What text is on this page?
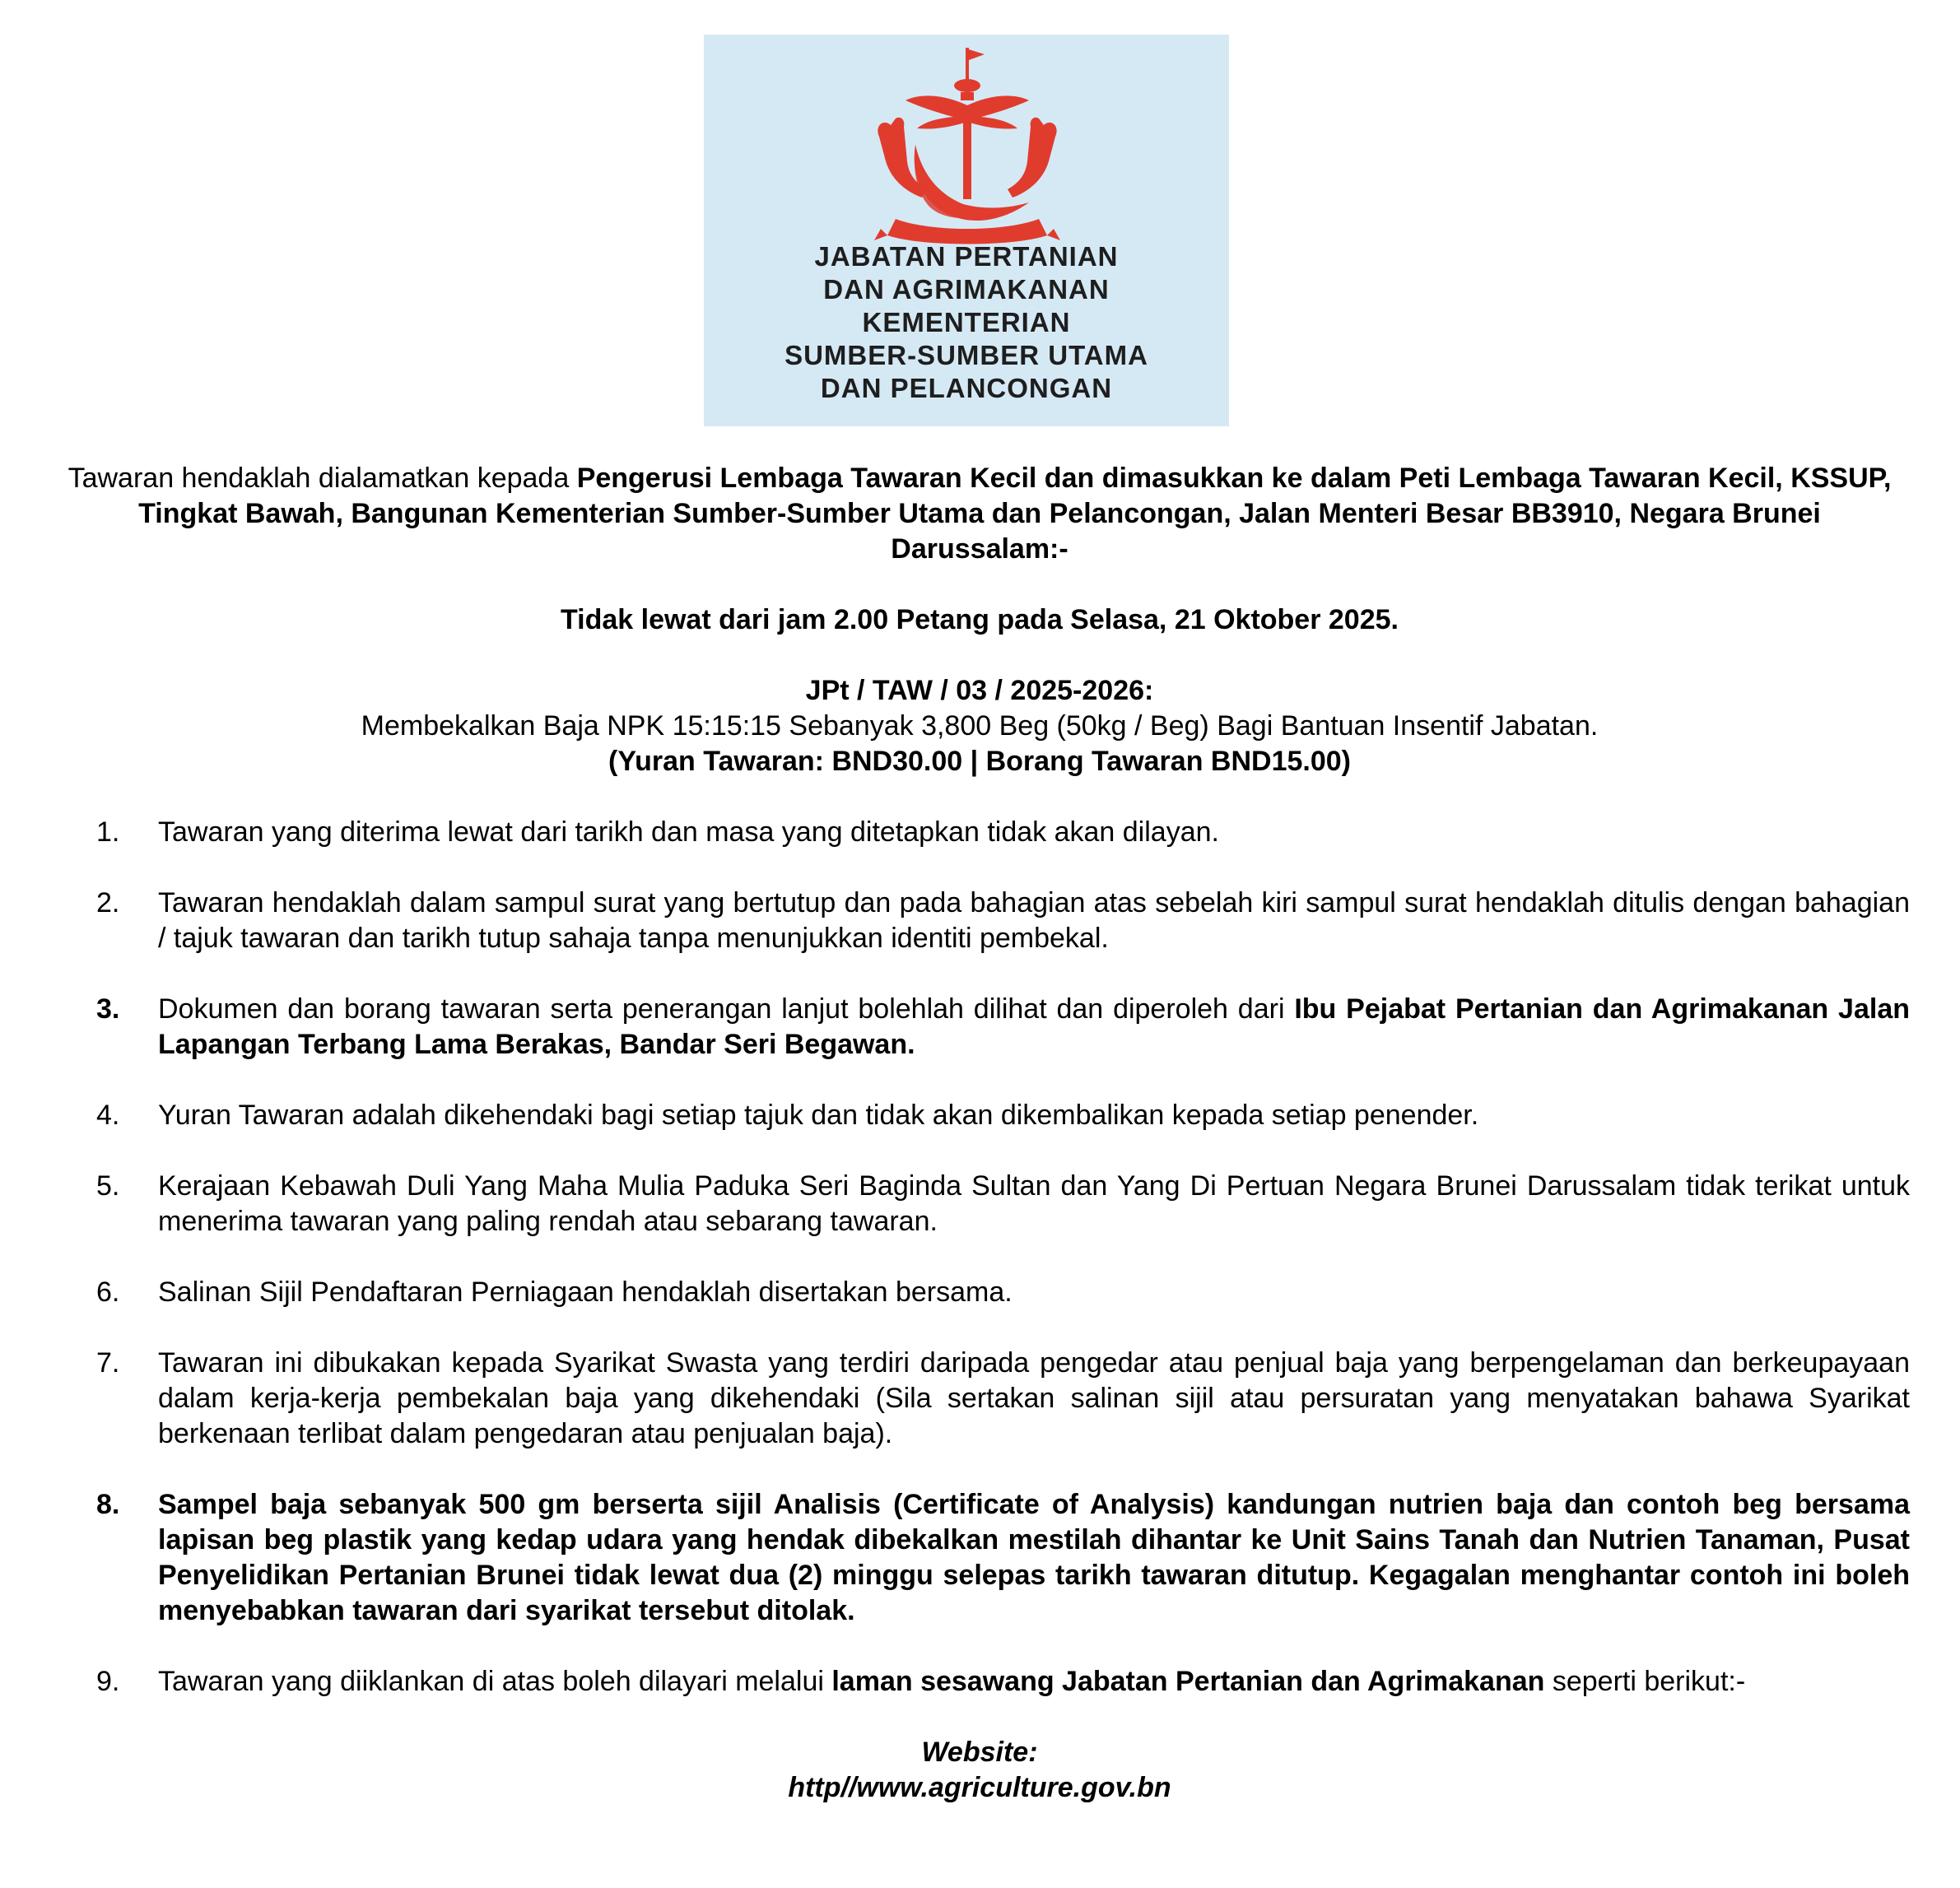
JABATAN PERTANIAN
DAN AGRIMAKANAN
KEMENTERIAN
SUMBER-SUMBER UTAMA
DAN PELANCONGAN

Tawaran hendaklah dialamatkan kepada Pengerusi Lembaga Tawaran Kecil dan dimasukkan ke dalam Peti Lembaga Tawaran Kecil, KSSUP, Tingkat Bawah, Bangunan Kementerian Sumber-Sumber Utama dan Pelancongan, Jalan Menteri Besar BB3910, Negara Brunei Darussalam:-

Tidak lewat dari jam 2.00 Petang pada Selasa, 21 Oktober 2025.

JPt / TAW / 03 / 2025-2026:
Membekalkan Baja NPK 15:15:15 Sebanyak 3,800 Beg (50kg / Beg) Bagi Bantuan Insentif Jabatan.
(Yuran Tawaran: BND30.00 | Borang Tawaran BND15.00)
1. Tawaran yang diterima lewat dari tarikh dan masa yang ditetapkan tidak akan dilayan.
2. Tawaran hendaklah dalam sampul surat yang bertutup dan pada bahagian atas sebelah kiri sampul surat hendaklah ditulis dengan bahagian / tajuk tawaran dan tarikh tutup sahaja tanpa menunjukkan identiti pembekal.
3. Dokumen dan borang tawaran serta penerangan lanjut bolehlah dilihat dan diperoleh dari Ibu Pejabat Pertanian dan Agrimakanan Jalan Lapangan Terbang Lama Berakas, Bandar Seri Begawan.
4. Yuran Tawaran adalah dikehendaki bagi setiap tajuk dan tidak akan dikembalikan kepada setiap penender.
5. Kerajaan Kebawah Duli Yang Maha Mulia Paduka Seri Baginda Sultan dan Yang Di Pertuan Negara Brunei Darussalam tidak terikat untuk menerima tawaran yang paling rendah atau sebarang tawaran.
6. Salinan Sijil Pendaftaran Perniagaan hendaklah disertakan bersama.
7. Tawaran ini dibukakan kepada Syarikat Swasta yang terdiri daripada pengedar atau penjual baja yang berpengelaman dan berkeupayaan dalam kerja-kerja pembekalan baja yang dikehendaki (Sila sertakan salinan sijil atau persuratan yang menyatakan bahawa Syarikat berkenaan terlibat dalam pengedaran atau penjualan baja).
8. Sampel baja sebanyak 500 gm berserta sijil Analisis (Certificate of Analysis) kandungan nutrien baja dan contoh beg bersama lapisan beg plastik yang kedap udara yang hendak dibekalkan mestilah dihantar ke Unit Sains Tanah dan Nutrien Tanaman, Pusat Penyelidikan Pertanian Brunei tidak lewat dua (2) minggu selepas tarikh tawaran ditutup. Kegagalan menghantar contoh ini boleh menyebabkan tawaran dari syarikat tersebut ditolak.
9. Tawaran yang diiklankan di atas boleh dilayari melalui laman sesawang Jabatan Pertanian dan Agrimakanan seperti berikut:-
Website:
http//www.agriculture.gov.bn
